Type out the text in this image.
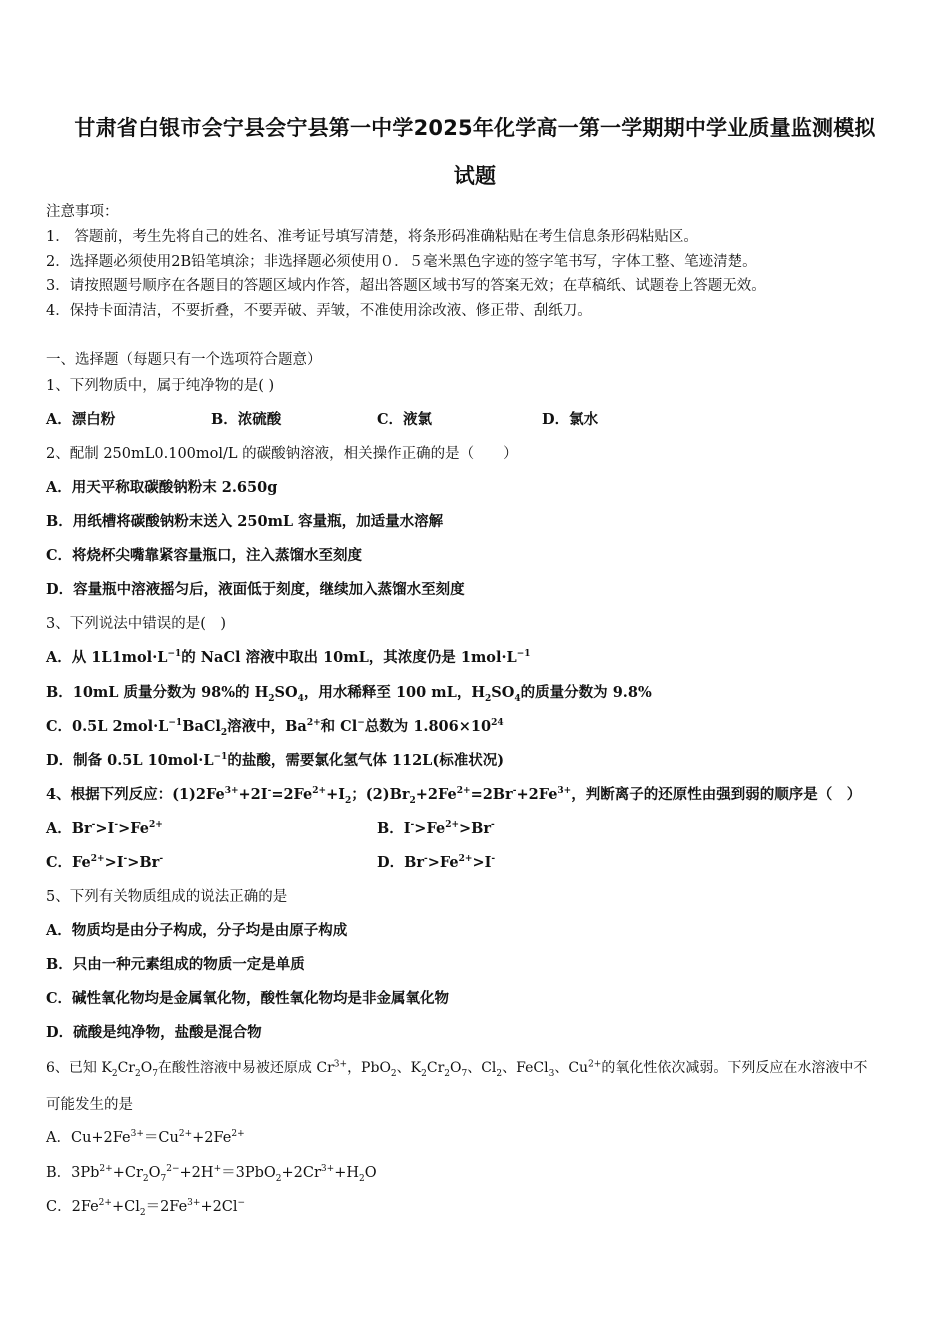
甘肃省白银市会宁县会宁县第一中学2025年化学高一第一学期期中学业质量监测模拟
试题
注意事项：
1． 答题前，考生先将自己的姓名、准考证号填写清楚，将条形码准确粘贴在考生信息条形码粘贴区。
2．选择题必须使用2B铅笔填涂；非选择题必须使用０．５毫米黑色字迹的签字笔书写，字体工整、笔迹清楚。
3．请按照题号顺序在各题目的答题区域内作答，超出答题区域书写的答案无效；在草稿纸、试题卷上答题无效。
4．保持卡面清洁，不要折叠，不要弄破、弄皱，不准使用涂改液、修正带、刮纸刀。
一、选择题（每题只有一个选项符合题意）
1、下列物质中，属于纯净物的是( )
A．漂白粉	B．浓硫酸	C．液氯	D．氯水
2、配制 250mL0.100mol/L 的碳酸钠溶液，相关操作正确的是（　　）
A．用天平称取碳酸钠粉末 2.650g
B．用纸槽将碳酸钠粉末送入 250mL 容量瓶，加适量水溶解
C．将烧杯尖嘴靠紧容量瓶口，注入蒸馏水至刻度
D．容量瓶中溶液摇匀后，液面低于刻度，继续加入蒸馏水至刻度
3、下列说法中错误的是(　)
A．从 $1L1mol\cdot L^{-1}$的 NaCl 溶液中取出 10mL，其浓度仍是 $1mol\cdot L^{-1}$
B．10mL 质量分数为 98%的 $H_2SO_4$，用水稀释至 100 mL，$H_2SO_4$的质量分数为 9.8%
C．0.5L $2mol\cdot L^{-1}BaCl_2$溶液中，$Ba^{2+}$和 Cl−总数为 $1.806\times 10^{24}$
D．制备 0.5L $10mol\cdot L^{-1}$的盐酸，需要氯化氢气体 112L(标准状况)
4、根据下列反应：$(1)2Fe^{3+}+2I^-=2Fe^{2+}+I_2$；$(2)Br_2+2Fe^{2+}=2Br^-+2Fe^{3+}$，判断离子的还原性由强到弱的顺序是（　）
A．$Br^->I^->Fe^{2+}$	B．$I^->Fe^{2+}>Br^-$
C．$Fe^{2+}>I^->Br^-$	D．$Br^->Fe^{2+}>I^-$
5、下列有关物质组成的说法正确的是
A．物质均是由分子构成，分子均是由原子构成
B．只由一种元素组成的物质一定是单质
C．碱性氧化物均是金属氧化物，酸性氧化物均是非金属氧化物
D．硫酸是纯净物，盐酸是混合物
6、已知 $K_2Cr_2O_7$在酸性溶液中易被还原成 $Cr^{3+}$，PbO$_2$、$K_2Cr_2O_7$、$Cl_2$、FeCl$_3$、$Cu^{2+}$的氧化性依次减弱。下列反应在水溶液中不
可能发生的是
A．$Cu+2Fe^{3+}=Cu^{2+}+2Fe^{2+}$
B．$3Pb^{2+}+Cr_2O_7^{2-}+2H^+=3PbO_2+2Cr^{3+}+H_2O$
C．$2Fe^{2+}+Cl_2=2Fe^{3+}+2Cl^-$
